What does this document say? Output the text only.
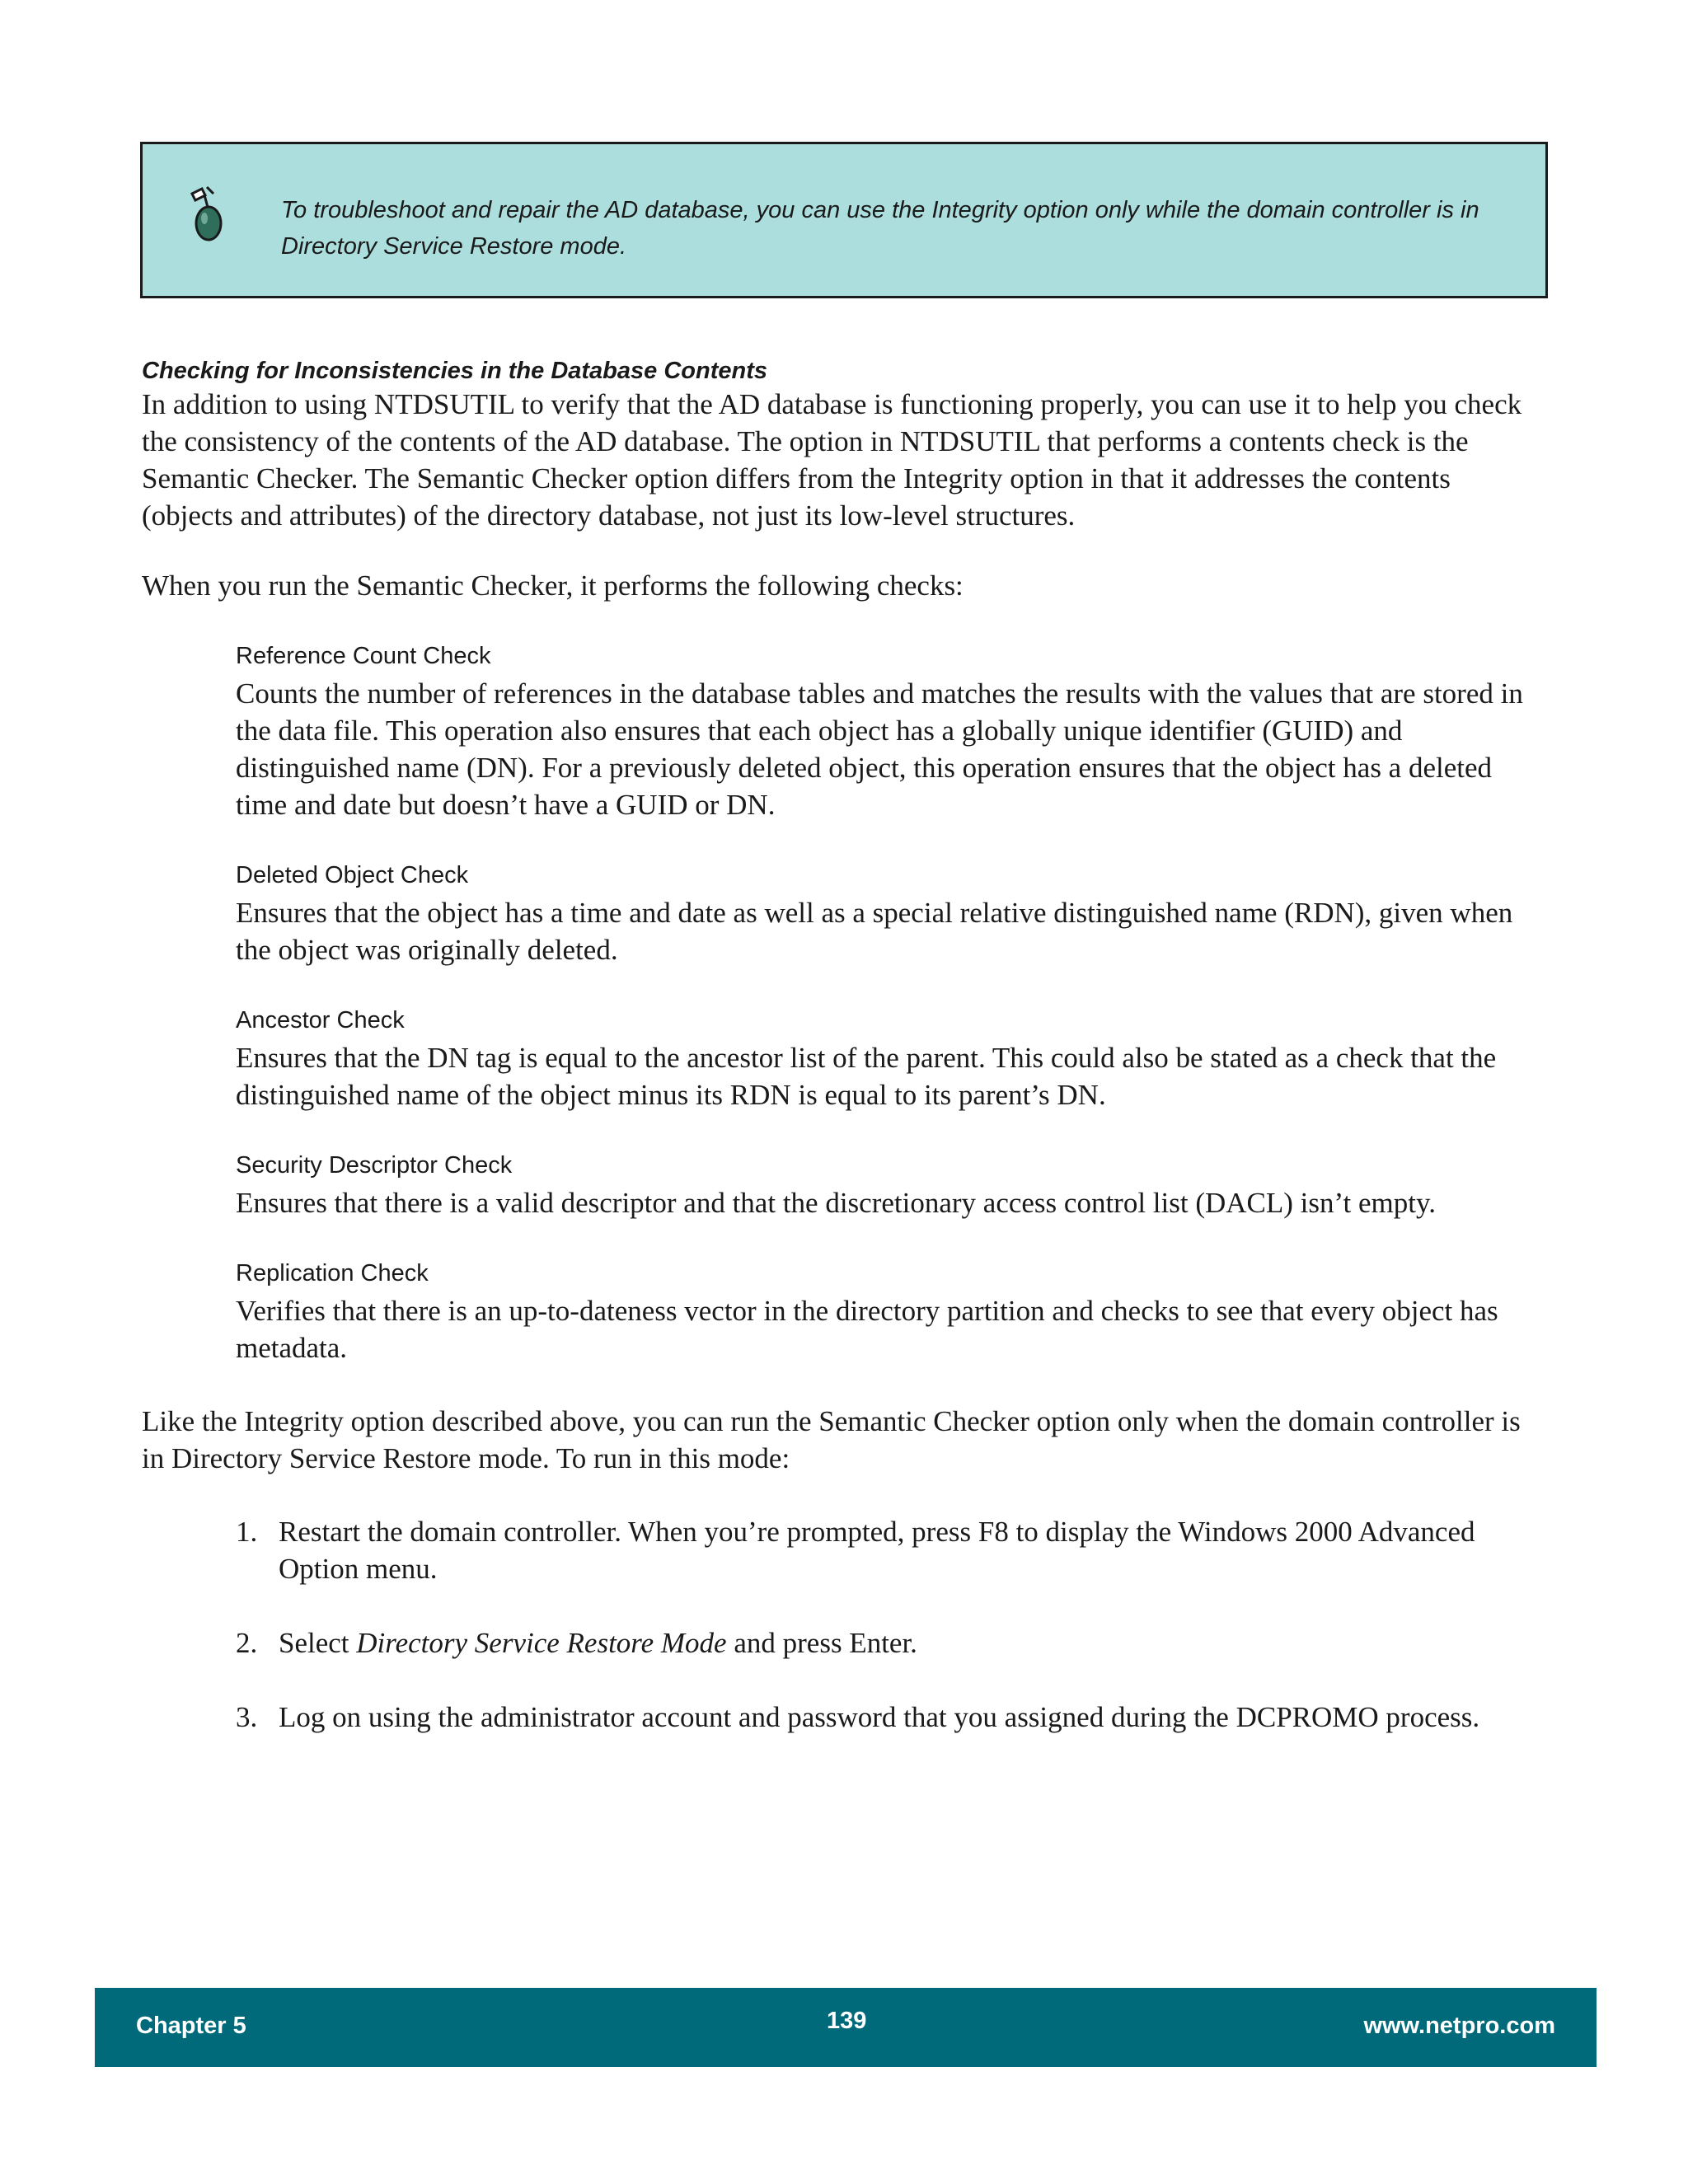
To troubleshoot and repair the AD database, you can use the Integrity option only while the domain controller is in Directory Service Restore mode.
Checking for Inconsistencies in the Database Contents

In addition to using NTDSUTIL to verify that the AD database is functioning properly, you can use it to help you check the consistency of the contents of the AD database. The option in NTDSUTIL that performs a contents check is the Semantic Checker. The Semantic Checker option differs from the Integrity option in that it addresses the contents (objects and attributes) of the directory database, not just its low-level structures.

When you run the Semantic Checker, it performs the following checks:

Reference Count Check

Counts the number of references in the database tables and matches the results with the values that are stored in the data file. This operation also ensures that each object has a globally unique identifier (GUID) and distinguished name (DN). For a previously deleted object, this operation ensures that the object has a deleted time and date but doesn’t have a GUID or DN.

Deleted Object Check

Ensures that the object has a time and date as well as a special relative distinguished name (RDN), given when the object was originally deleted.

Ancestor Check

Ensures that the DN tag is equal to the ancestor list of the parent. This could also be stated as a check that the distinguished name of the object minus its RDN is equal to its parent’s DN.

Security Descriptor Check

Ensures that there is a valid descriptor and that the discretionary access control list (DACL) isn’t empty.

Replication Check

Verifies that there is an up-to-dateness vector in the directory partition and checks to see that every object has metadata.

Like the Integrity option described above, you can run the Semantic Checker option only when the domain controller is in Directory Service Restore mode. To run in this mode:

1. Restart the domain controller. When you’re prompted, press F8 to display the Windows 2000 Advanced Option menu.
2. Select Directory Service Restore Mode and press Enter.
3. Log on using the administrator account and password that you assigned during the DCPROMO process.
Chapter 5	139	www.netpro.com
